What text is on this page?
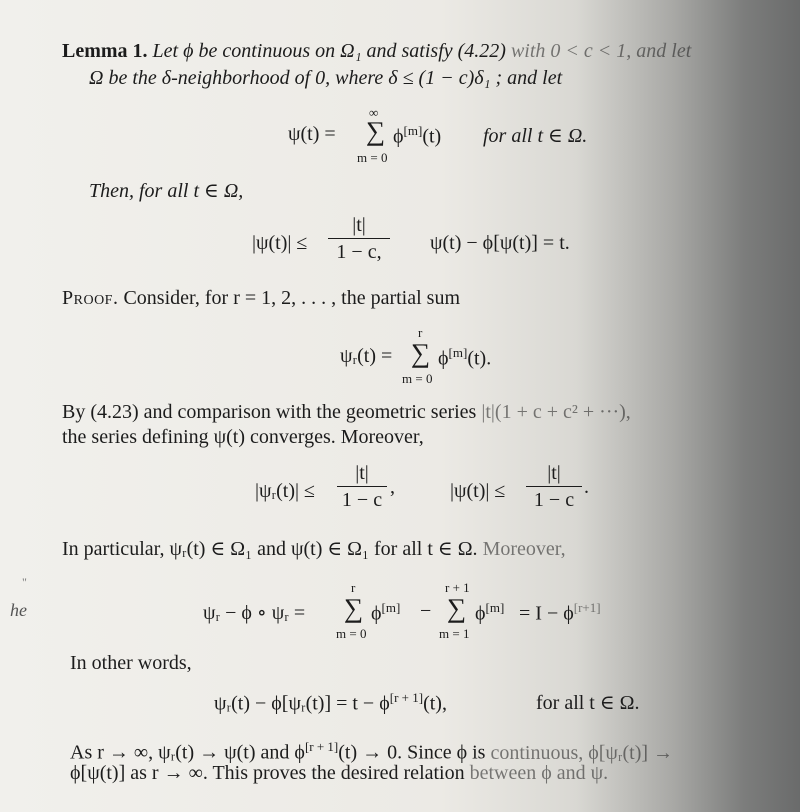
Lemma 1. Let ϕ be continuous on Ω₁ and satisfy (4.22) with 0 < c < 1, and let
Ω be the δ-neighborhood of 0, where δ ≤ (1 − c)δ₁ ; and let
ψ(t) =
∞
∑
m = 0
ϕ[m](t) for all t ∈ Ω.
Then, for all t ∈ Ω,
$|\psi(t)| \le \frac{|t|}{1 - c,} \psi(t) - \phi[\psi(t)] = t$.
Proof. Consider, for r = 1, 2, . . . , the partial sum
ψᵣ(t) =
r
∑
m = 0
ϕ[m](t).
By (4.23) and comparison with the geometric series |t|(1 + c + c² + ···),
the series defining ψ(t) converges. Moreover,
|ψᵣ(t)| ≤ $\frac{|t|}{1 - c}$ ,	$|\psi(t)| \le \frac{|t|}{1 - c}$ .
In particular, ψᵣ(t) ∈ Ω₁ and ψ(t) ∈ Ω₁ for all t ∈ Ω. Moreover,
he
"
ψᵣ − ϕ ∘ ψᵣ =
r
∑
m = 0
ϕ[m] −
r + 1
∑
m = 1
ϕ[m] = I − ϕ[r+1]
In other words,
ψᵣ(t) − ϕ[ψᵣ(t)] = t − ϕ[r + 1](t),	for all t ∈ Ω.
As r → ∞, ψᵣ(t) → ψ(t) and ϕ[r + 1](t) → 0. Since ϕ is continuous, ϕ[ψᵣ(t)] →
ϕ[ψ(t)] as r → ∞. This proves the desired relation between ϕ and ψ.
